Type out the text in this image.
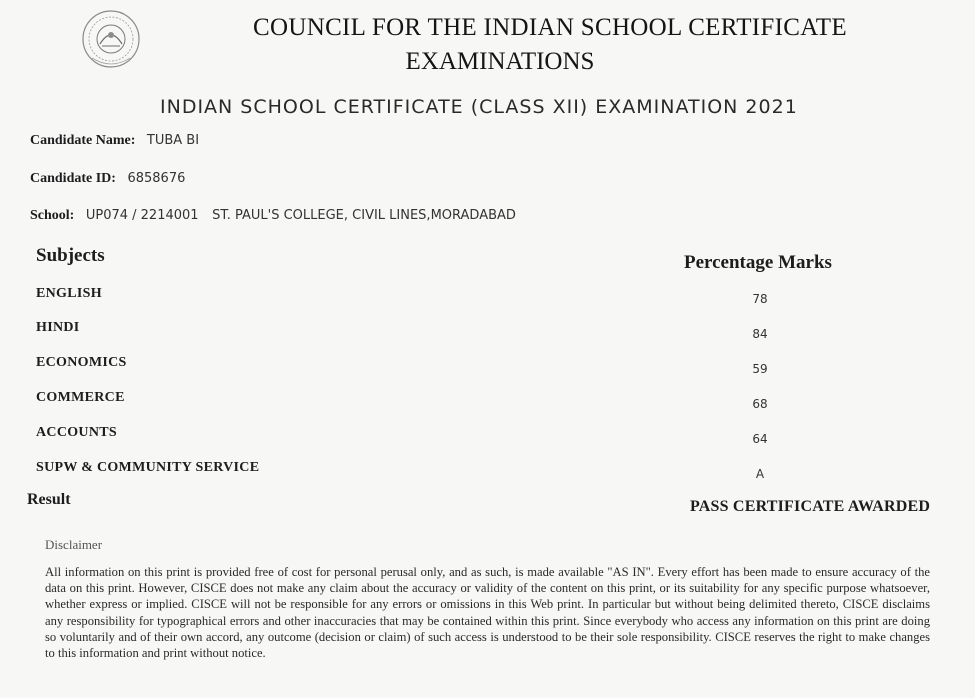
COUNCIL FOR THE INDIAN SCHOOL CERTIFICATE
EXAMINATIONS
INDIAN SCHOOL CERTIFICATE (CLASS XII) EXAMINATION 2021
Candidate Name: TUBA BI
Candidate ID: 6858676
School: UP074 / 2214001 ST. PAUL'S COLLEGE, CIVIL LINES,MORADABAD
Subjects	Percentage Marks
ENGLISH	78
HINDI	84
ECONOMICS	59
COMMERCE	68
ACCOUNTS	64
SUPW & COMMUNITY SERVICE	A
Result	PASS CERTIFICATE AWARDED
Disclaimer
All information on this print is provided free of cost for personal perusal only, and as such, is made available "AS IN". Every effort has been made to ensure accuracy of the data on this print. However, CISCE does not make any claim about the accuracy or validity of the content on this print, or its suitability for any specific purpose whatsoever, whether express or implied. CISCE will not be responsible for any errors or omissions in this Web print. In particular but without being delimited thereto, CISCE disclaims any responsibility for typographical errors and other inaccuracies that may be contained within this print. Since everybody who access any information on this print are doing so voluntarily and of their own accord, any outcome (decision or claim) of such access is understood to be their sole responsibility. CISCE reserves the right to make changes to this information and print without notice.
